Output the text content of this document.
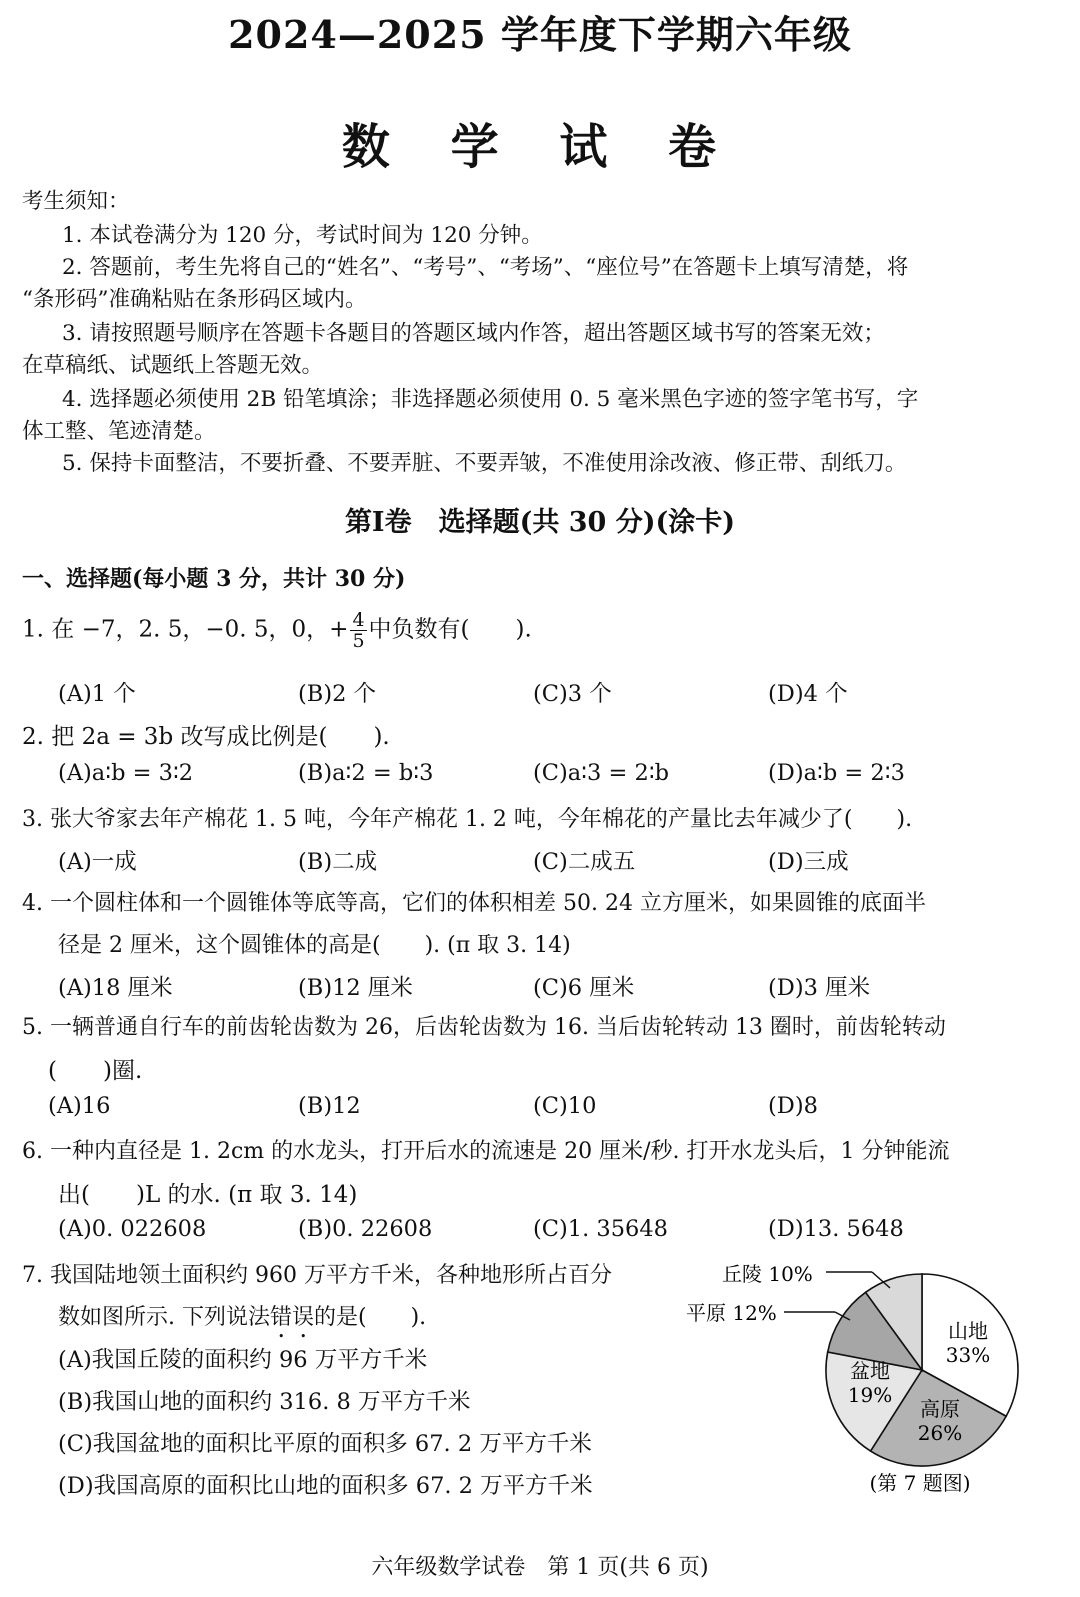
2024—2025 学年度下学期六年级
数 学 试 卷
考生须知：
1. 本试卷满分为 120 分，考试时间为 120 分钟。
2. 答题前，考生先将自己的“姓名”、“考号”、“考场”、“座位号”在答题卡上填写清楚，将
“条形码”准确粘贴在条形码区域内。
3. 请按照题号顺序在答题卡各题目的答题区域内作答，超出答题区域书写的答案无效；
在草稿纸、试题纸上答题无效。
4. 选择题必须使用 2B 铅笔填涂；非选择题必须使用 0. 5 毫米黑色字迹的签字笔书写，字
体工整、笔迹清楚。
5. 保持卡面整洁，不要折叠、不要弄脏、不要弄皱，不准使用涂改液、修正带、刮纸刀。
第Ⅰ卷　选择题(共 30 分)(涂卡)
一、选择题(每小题 3 分，共计 30 分)
1. 在 −7，2. 5，−0. 5，0，+ $\frac{4}{5}$ 中负数有(　　).
(A)1 个	(B)2 个	(C)3 个	(D)4 个
2. 把 2a = 3b 改写成比例是(　　).
(A)a∶b = 3∶2	(B)a∶2 = b∶3	(C)a∶3 = 2∶b	(D)a∶b = 2∶3
3. 张大爷家去年产棉花 1. 5 吨，今年产棉花 1. 2 吨，今年棉花的产量比去年减少了(　　).
(A)一成	(B)二成	(C)二成五	(D)三成
4. 一个圆柱体和一个圆锥体等底等高，它们的体积相差 50. 24 立方厘米，如果圆锥的底面半
径是 2 厘米，这个圆锥体的高是(　　). (π 取 3. 14)
(A)18 厘米	(B)12 厘米	(C)6 厘米	(D)3 厘米
5. 一辆普通自行车的前齿轮齿数为 26，后齿轮齿数为 16. 当后齿轮转动 13 圈时，前齿轮转动
(　　)圈.
(A)16	(B)12	(C)10	(D)8
6. 一种内直径是 1. 2cm 的水龙头，打开后水的流速是 20 厘米/秒. 打开水龙头后，1 分钟能流
出(　　)L 的水. (π 取 3. 14)
(A)0. 022608	(B)0. 22608	(C)1. 35648	(D)13. 5648
7. 我国陆地领土面积约 960 万平方千米，各种地形所占百分
数如图所示. 下列说法错误的是(　　).
(A)我国丘陵的面积约 96 万平方千米
(B)我国山地的面积约 316. 8 万平方千米
(C)我国盆地的面积比平原的面积多 67. 2 万平方千米
(D)我国高原的面积比山地的面积多 67. 2 万平方千米
丘陵 10%
平原 12%
山地
33%
高原
26%
盆地
19%
(第 7 题图)
六年级数学试卷　第 1 页(共 6 页)
